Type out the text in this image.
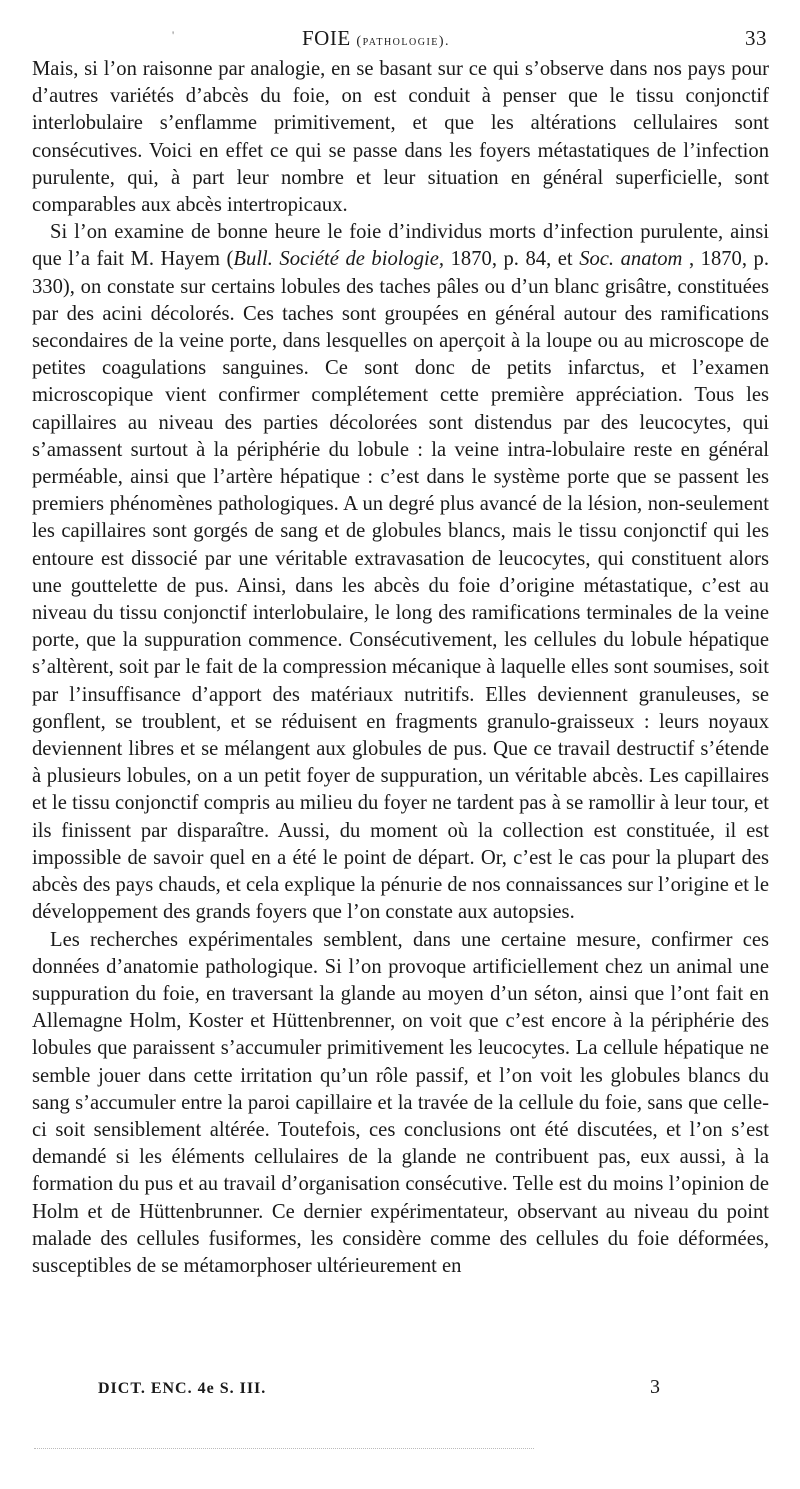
'	FOIE (pathologie).	33

Mais, si l’on raisonne par analogie, en se basant sur ce qui s’observe dans nos pays pour d’autres variétés d’abcès du foie, on est conduit à penser que le tissu conjonctif interlobulaire s’enflamme primitivement, et que les altérations cellulaires sont consécutives. Voici en effet ce qui se passe dans les foyers métastatiques de l’infection purulente, qui, à part leur nombre et leur situation en général superficielle, sont comparables aux abcès intertropicaux.

Si l’on examine de bonne heure le foie d’individus morts d’infection purulente, ainsi que l’a fait M. Hayem (Bull. Société de biologie, 1870, p. 84, et Soc. anatom , 1870, p. 330), on constate sur certains lobules des taches pâles ou d’un blanc grisâtre, constituées par des acini décolorés. Ces taches sont groupées en général autour des ramifications secondaires de la veine porte, dans lesquelles on aperçoit à la loupe ou au microscope de petites coagulations sanguines. Ce sont donc de petits infarctus, et l’examen microscopique vient confirmer complétement cette première appréciation. Tous les capillaires au niveau des parties décolorées sont distendus par des leucocytes, qui s’amassent surtout à la périphérie du lobule : la veine intra-lobulaire reste en général perméable, ainsi que l’artère hépatique : c’est dans le système porte que se passent les premiers phénomènes pathologiques. A un degré plus avancé de la lésion, non-seulement les capillaires sont gorgés de sang et de globules blancs, mais le tissu conjonctif qui les entoure est dissocié par une véritable extravasation de leucocytes, qui constituent alors une gouttelette de pus. Ainsi, dans les abcès du foie d’origine métastatique, c’est au niveau du tissu conjonctif interlobulaire, le long des ramifications terminales de la veine porte, que la suppuration commence. Consécutivement, les cellules du lobule hépatique s’altèrent, soit par le fait de la compression mécanique à laquelle elles sont soumises, soit par l’insuffisance d’apport des matériaux nutritifs. Elles deviennent granuleuses, se gonflent, se troublent, et se réduisent en fragments granulo-graisseux : leurs noyaux deviennent libres et se mélangent aux globules de pus. Que ce travail destructif s’étende à plusieurs lobules, on a un petit foyer de suppuration, un véritable abcès. Les capillaires et le tissu conjonctif compris au milieu du foyer ne tardent pas à se ramollir à leur tour, et ils finissent par disparaître. Aussi, du moment où la collection est constituée, il est impossible de savoir quel en a été le point de départ. Or, c’est le cas pour la plupart des abcès des pays chauds, et cela explique la pénurie de nos connaissances sur l’origine et le développement des grands foyers que l’on constate aux autopsies.

Les recherches expérimentales semblent, dans une certaine mesure, confirmer ces données d’anatomie pathologique. Si l’on provoque artificiellement chez un animal une suppuration du foie, en traversant la glande au moyen d’un séton, ainsi que l’ont fait en Allemagne Holm, Koster et Hüttenbrenner, on voit que c’est encore à la périphérie des lobules que paraissent s’accumuler primitivement les leucocytes. La cellule hépatique ne semble jouer dans cette irritation qu’un rôle passif, et l’on voit les globules blancs du sang s’accumuler entre la paroi capillaire et la travée de la cellule du foie, sans que celle-ci soit sensiblement altérée. Toutefois, ces conclusions ont été discutées, et l’on s’est demandé si les éléments cellulaires de la glande ne contribuent pas, eux aussi, à la formation du pus et au travail d’organisation consécutive. Telle est du moins l’opinion de Holm et de Hüttenbrunner. Ce dernier expérimentateur, observant au niveau du point malade des cellules fusiformes, les considère comme des cellules du foie déformées, susceptibles de se métamorphoser ultérieurement en

DICT. ENC. 4e S. III.	3
